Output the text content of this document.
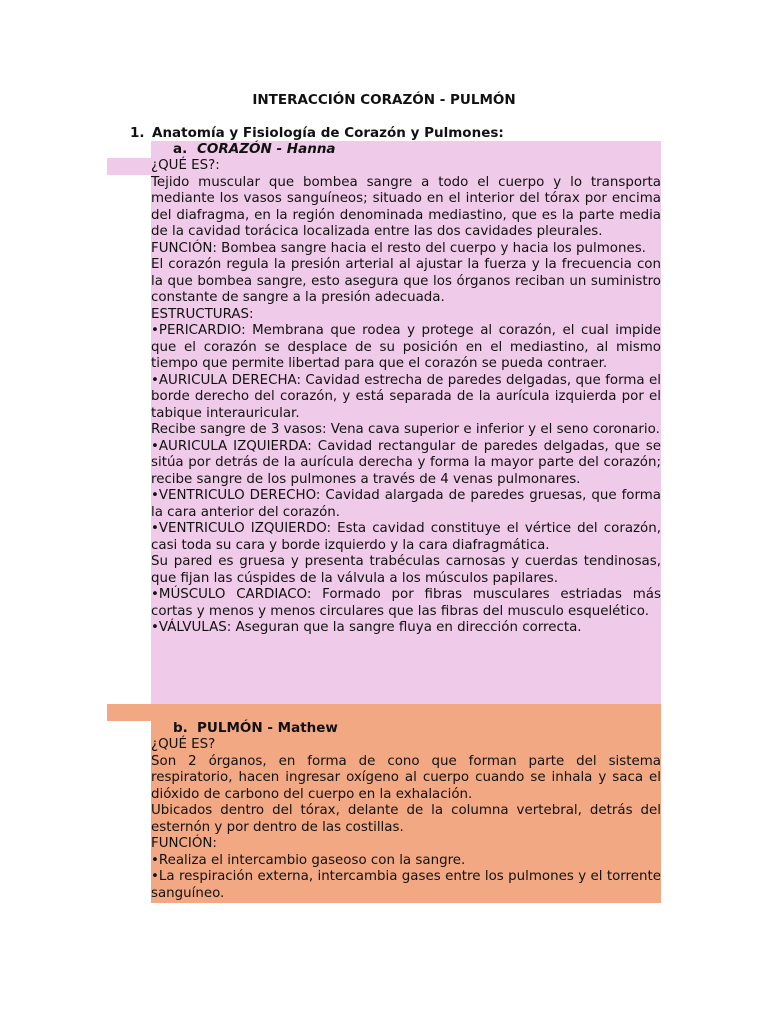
INTERACCIÓN CORAZÓN - PULMÓN
1. Anatomía y Fisiología de Corazón y Pulmones:
a. CORAZÓN - Hanna

¿QUÉ ES?:

Tejido muscular que bombea sangre a todo el cuerpo y lo transporta mediante los vasos sanguíneos; situado en el interior del tórax por encima del diafragma, en la región denominada mediastino, que es la parte media de la cavidad torácica localizada entre las dos cavidades pleurales.

FUNCIÓN: Bombea sangre hacia el resto del cuerpo y hacia los pulmones.

El corazón regula la presión arterial al ajustar la fuerza y la frecuencia con la que bombea sangre, esto asegura que los órganos reciban un suministro constante de sangre a la presión adecuada.

ESTRUCTURAS:

•PERICARDIO: Membrana que rodea y protege al corazón, el cual impide que el corazón se desplace de su posición en el mediastino, al mismo tiempo que permite libertad para que el corazón se pueda contraer.

•AURICULA DERECHA: Cavidad estrecha de paredes delgadas, que forma el borde derecho del corazón, y está separada de la aurícula izquierda por el tabique interauricular.

Recibe sangre de 3 vasos: Vena cava superior e inferior y el seno coronario.

•AURICULA IZQUIERDA: Cavidad rectangular de paredes delgadas, que se sitúa por detrás de la aurícula derecha y forma la mayor parte del corazón; recibe sangre de los pulmones a través de 4 venas pulmonares.

•VENTRICULO DERECHO: Cavidad alargada de paredes gruesas, que forma la cara anterior del corazón.

•VENTRICULO IZQUIERDO: Esta cavidad constituye el vértice del corazón, casi toda su cara y borde izquierdo y la cara diafragmática.

Su pared es gruesa y presenta trabéculas carnosas y cuerdas tendinosas, que fijan las cúspides de la válvula a los músculos papilares.

•MÚSCULO CARDIACO: Formado por fibras musculares estriadas más cortas y menos y menos circulares que las fibras del musculo esquelético.

•VÁLVULAS: Aseguran que la sangre fluya en dirección correcta.

b. PULMÓN - Mathew

¿QUÉ ES?

Son 2 órganos, en forma de cono que forman parte del sistema respiratorio, hacen ingresar oxígeno al cuerpo cuando se inhala y saca el dióxido de carbono del cuerpo en la exhalación.

Ubicados dentro del tórax, delante de la columna vertebral, detrás del esternón y por dentro de las costillas.

FUNCIÓN:

•Realiza el intercambio gaseoso con la sangre.

•La respiración externa, intercambia gases entre los pulmones y el torrente sanguíneo.
